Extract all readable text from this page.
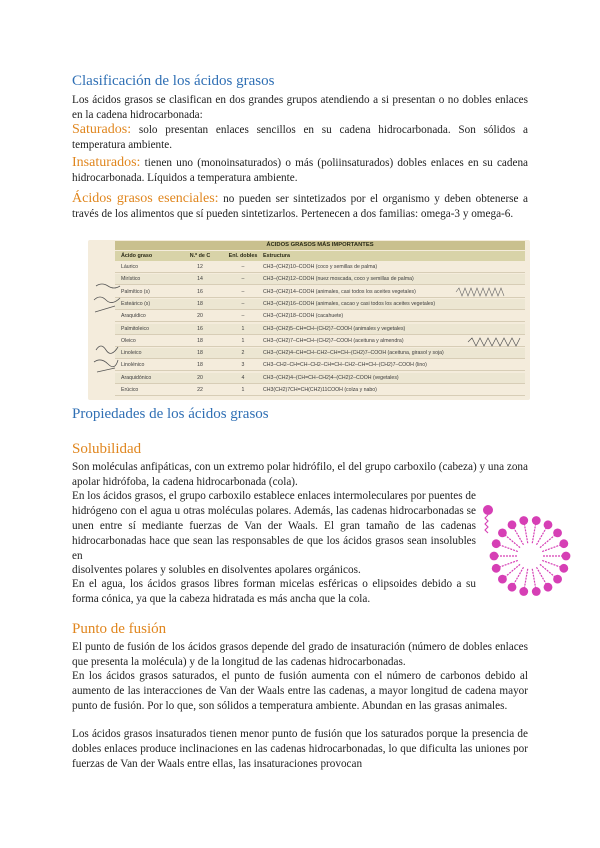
Clasificación de los ácidos grasos
Los ácidos grasos se clasifican en dos grandes grupos atendiendo a si presentan o no dobles enlaces en la cadena hidrocarbonada:
Saturados: solo presentan enlaces sencillos en su cadena hidrocarbonada. Son sólidos a temperatura ambiente.
Insaturados: tienen uno (monoinsaturados) o más (poliinsaturados) dobles enlaces en su cadena hidrocarbonada. Líquidos a temperatura ambiente.
Ácidos grasos esenciales: no pueden ser sintetizados por el organismo y deben obtenerse a través de los alimentos que sí pueden sintetizarlos. Pertenecen a dos familias: omega-3 y omega-6.
ÁCIDOS GRASOS MÁS IMPORTANTES
Ácido graso	N.º de C	Enl. dobles	Estructura
Láurico	12	–	CH3–(CH2)10–COOH (coco y semillas de palma)
Mirístico	14	–	CH3–(CH2)12–COOH (nuez moscada, coco y semillas de palma)
Palmítico (s)	16	–	CH3–(CH2)14–COOH (animales, casi todos los aceites vegetales)
Esteárico (s)	18	–	CH3–(CH2)16–COOH (animales, cacao y casi todos los aceites vegetales)
Araquídico	20	–	CH3–(CH2)18–COOH (cacahuete)
Palmitoleico	16	1	CH3–(CH2)5–CH=CH–(CH2)7–COOH (animales y vegetales)
Oleico	18	1	CH3–(CH2)7–CH=CH–(CH2)7–COOH (aceituna y almendra)
Linoleico	18	2	CH3–(CH2)4–CH=CH–CH2–CH=CH–(CH2)7–COOH (aceituna, girasol y soja)
Linolénico	18	3	CH3–CH2–CH=CH–CH2–CH=CH–CH2–CH=CH–(CH2)7–COOH (lino)
Araquidónico	20	4	CH3–(CH2)4–(CH=CH–CH2)4–(CH2)2–COOH (vegetales)
Erúcico	22	1	CH3(CH2)7CH=CH(CH2)11COOH (colza y nabo)
Propiedades de los ácidos grasos
Solubilidad
Son moléculas anfipáticas, con un extremo polar hidrófilo, el del grupo carboxilo (cabeza) y una zona apolar hidrófoba, la cadena hidrocarbonada (cola).
En los ácidos grasos, el grupo carboxilo establece enlaces intermoleculares por puentes de hidrógeno con el agua u otras moléculas polares. Además, las cadenas hidrocarbonadas se unen entre sí mediante fuerzas de Van der Waals. El gran tamaño de las cadenas hidrocarbonadas hace que sean las responsables de que los ácidos grasos sean insolubles en
disolventes polares y solubles en disolventes apolares orgánicos.
En el agua, los ácidos grasos libres forman micelas esféricas o elipsoides debido a su forma cónica, ya que la cabeza hidratada es más ancha que la cola.
Punto de fusión
El punto de fusión de los ácidos grasos depende del grado de insaturación (número de dobles enlaces que presenta la molécula) y de la longitud de las cadenas hidrocarbonadas.
En los ácidos grasos saturados, el punto de fusión aumenta con el número de carbonos debido al aumento de las interacciones de Van der Waals entre las cadenas, a mayor longitud de cadena mayor punto de fusión. Por lo que, son sólidos a temperatura ambiente. Abundan en las grasas animales.
Los ácidos grasos insaturados tienen menor punto de fusión que los saturados porque la presencia de dobles enlaces produce inclinaciones en las cadenas hidrocarbonadas, lo que dificulta las uniones por fuerzas de Van der Waals entre ellas, las insaturaciones provocan
